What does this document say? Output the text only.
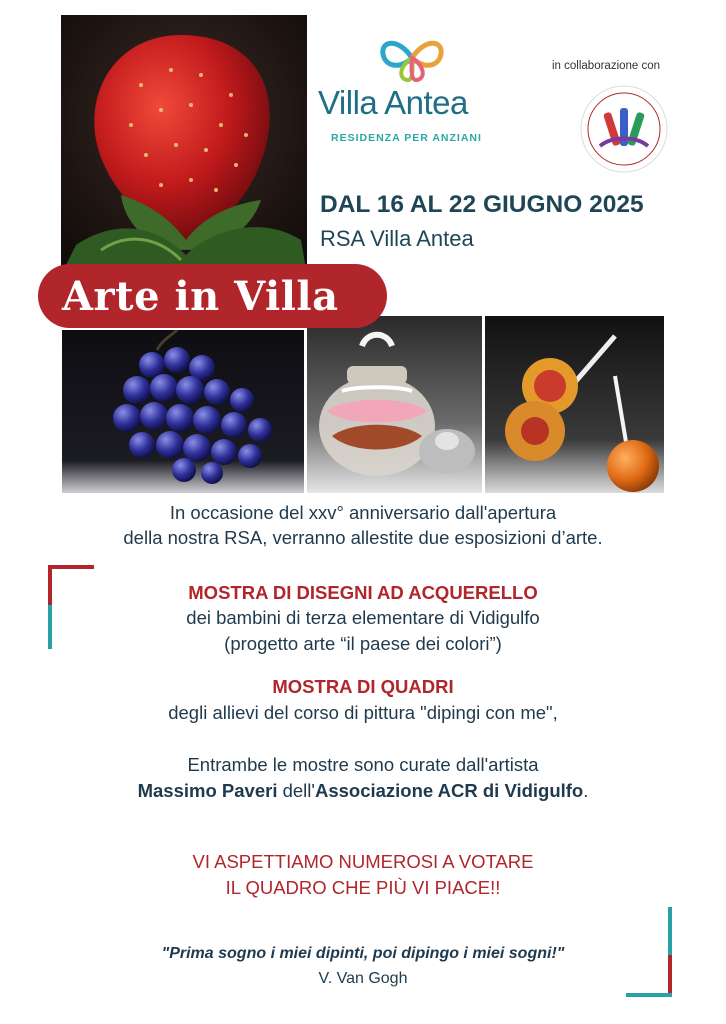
Arte in Villa
Villa Antea
RESIDENZA PER ANZIANI
in collaborazione con
DAL 16 AL 22 GIUGNO 2025
RSA Villa Antea
In occasione del xxv° anniversario dall'apertura
della nostra RSA, verranno allestite due esposizioni d’arte.
MOSTRA DI DISEGNI AD ACQUERELLO
dei bambini di terza elementare di Vidigulfo
(progetto arte “il paese dei colori”)
MOSTRA DI QUADRI
degli allievi del corso di pittura "dipingi con me",
Entrambe le mostre sono curate dall'artista
Massimo Paveri dell'Associazione ACR di Vidigulfo.
VI ASPETTIAMO NUMEROSI A VOTARE
IL QUADRO CHE PIÙ VI PIACE!!
"Prima sogno i miei dipinti, poi dipingo i miei sogni!"
V. Van Gogh
